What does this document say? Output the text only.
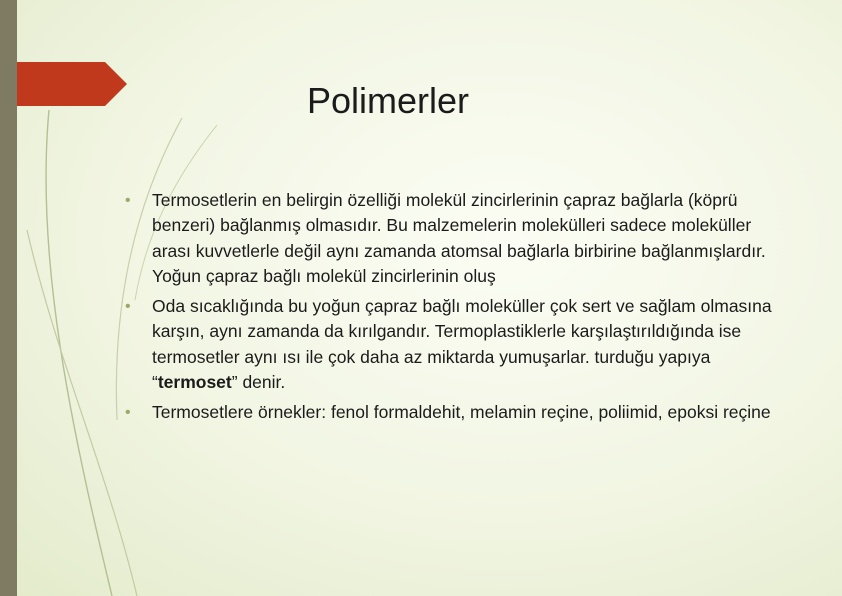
Polimerler
• Termosetlerin en belirgin özelliği molekül zincirlerinin çapraz bağlarla (köprü benzeri) bağlanmış olmasıdır. Bu malzemelerin molekülleri sadece moleküller arası kuvvetlerle değil aynı zamanda atomsal bağlarla birbirine bağlanmışlardır. Yoğun çapraz bağlı molekül zincirlerinin oluş
• Oda sıcaklığında bu yoğun çapraz bağlı moleküller çok sert ve sağlam olmasına karşın, aynı zamanda da kırılgandır. Termoplastiklerle karşılaştırıldığında ise termosetler aynı ısı ile çok daha az miktarda yumuşarlar. turduğu yapıya “termoset” denir.
• Termosetlere örnekler: fenol formaldehit, melamin reçine, poliimid, epoksi reçine
